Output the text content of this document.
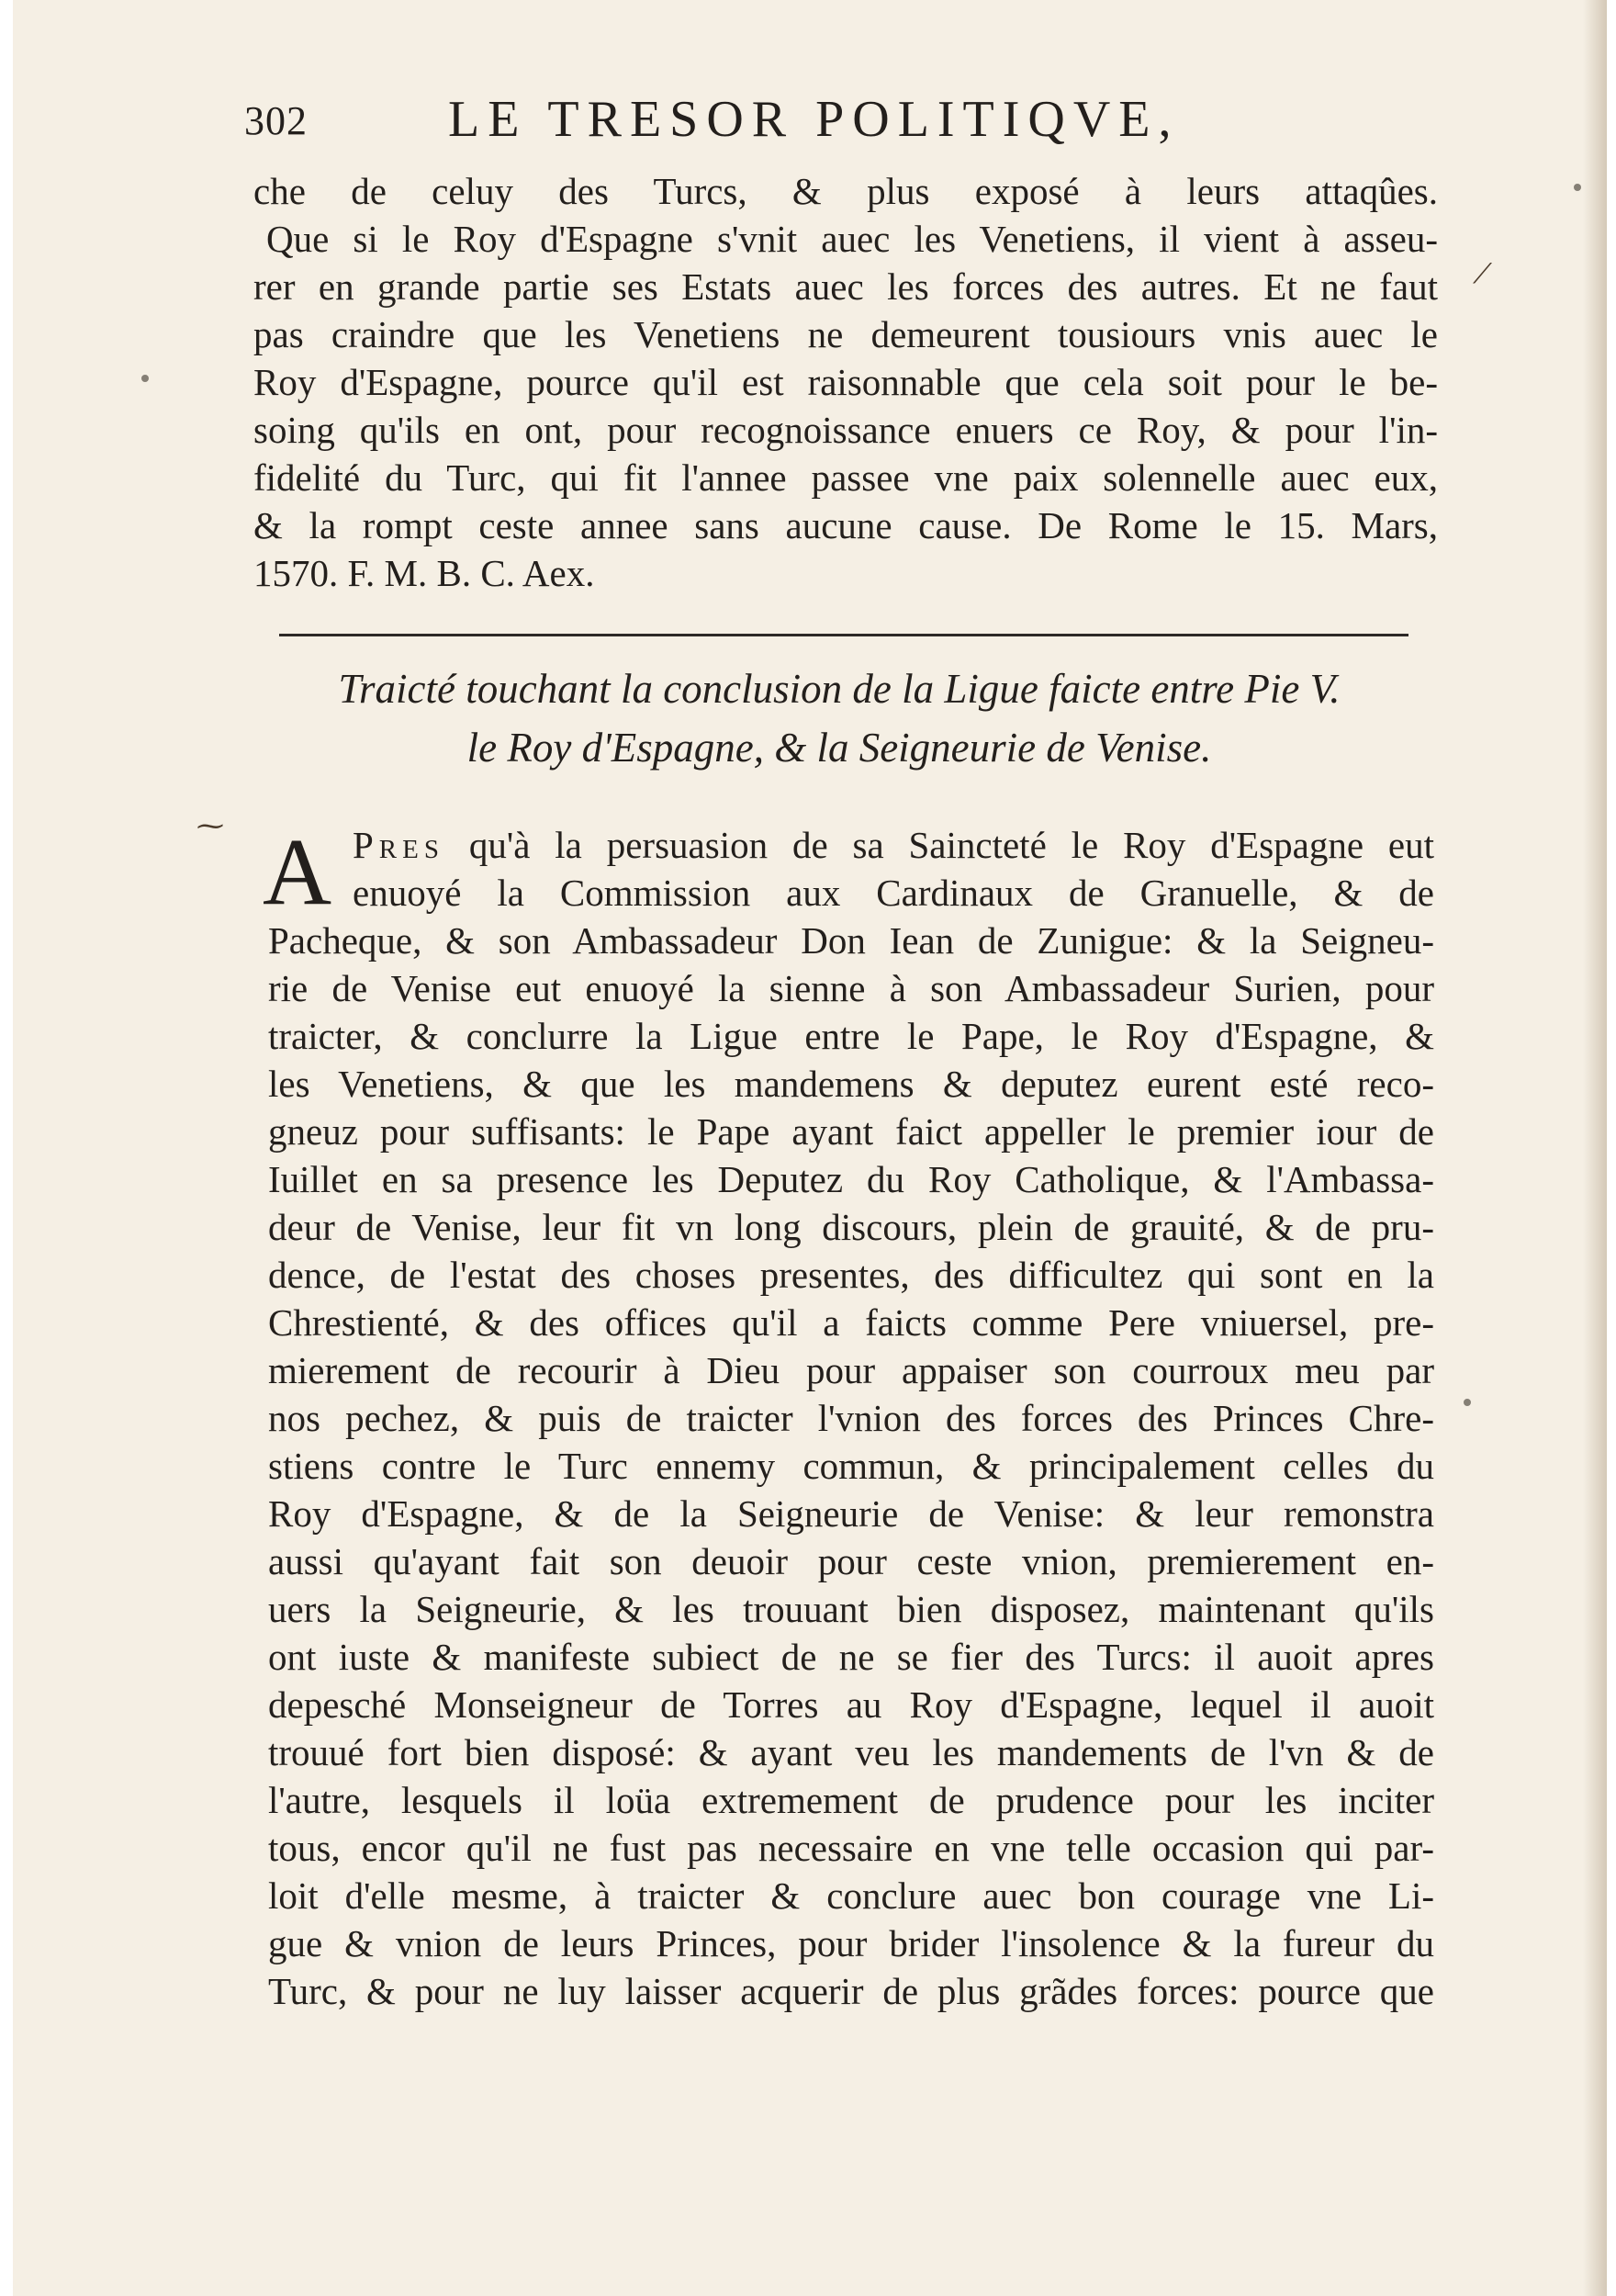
302	LE TRESOR POLITIQVE,
che de celuy des Turcs, & plus exposé à leurs attaqûes.
Que si le Roy d'Espagne s'vnit auec les Venetiens, il vient à asseu-
rer en grande partie ses Estats auec les forces des autres. Et ne faut
pas craindre que les Venetiens ne demeurent tousiours vnis auec le
Roy d'Espagne, pource qu'il est raisonnable que cela soit pour le be-
soing qu'ils en ont, pour recognoissance enuers ce Roy, & pour l'in-
fidelité du Turc, qui fit l'annee passee vne paix solennelle auec eux,
& la rompt ceste annee sans aucune cause. De Rome le 15. Mars,
1570. F. M. B. C. Aex.
Traicté touchant la conclusion de la Ligue faicte entre Pie V.
le Roy d'Espagne, & la Seigneurie de Venise.
A Pres qu'à la persuasion de sa Saincteté le Roy d'Espagne eut
enuoyé la Commission aux Cardinaux de Granuelle, & de
Pacheque, & son Ambassadeur Don Iean de Zunigue: & la Seigneu-
rie de Venise eut enuoyé la sienne à son Ambassadeur Surien, pour
traicter, & conclurre la Ligue entre le Pape, le Roy d'Espagne, &
les Venetiens, & que les mandemens & deputez eurent esté reco-
gneuz pour suffisants: le Pape ayant faict appeller le premier iour de
Iuillet en sa presence les Deputez du Roy Catholique, & l'Ambassa-
deur de Venise, leur fit vn long discours, plein de grauité, & de pru-
dence, de l'estat des choses presentes, des difficultez qui sont en la
Chrestienté, & des offices qu'il a faicts comme Pere vniuersel, pre-
mierement de recourir à Dieu pour appaiser son courroux meu par
nos pechez, & puis de traicter l'vnion des forces des Princes Chre-
stiens contre le Turc ennemy commun, & principalement celles du
Roy d'Espagne, & de la Seigneurie de Venise: & leur remonstra
aussi qu'ayant fait son deuoir pour ceste vnion, premierement en-
uers la Seigneurie, & les trouuant bien disposez, maintenant qu'ils
ont iuste & manifeste subiect de ne se fier des Turcs: il auoit apres
depesché Monseigneur de Torres au Roy d'Espagne, lequel il auoit
trouué fort bien disposé: & ayant veu les mandements de l'vn & de
l'autre, lesquels il loüa extremement de prudence pour les inciter
tous, encor qu'il ne fust pas necessaire en vne telle occasion qui par-
loit d'elle mesme, à traicter & conclure auec bon courage vne Li-
gue & vnion de leurs Princes, pour brider l'insolence & la fureur du
Turc, & pour ne luy laisser acquerir de plus grãdes forces: pource que
⟋
⁓
